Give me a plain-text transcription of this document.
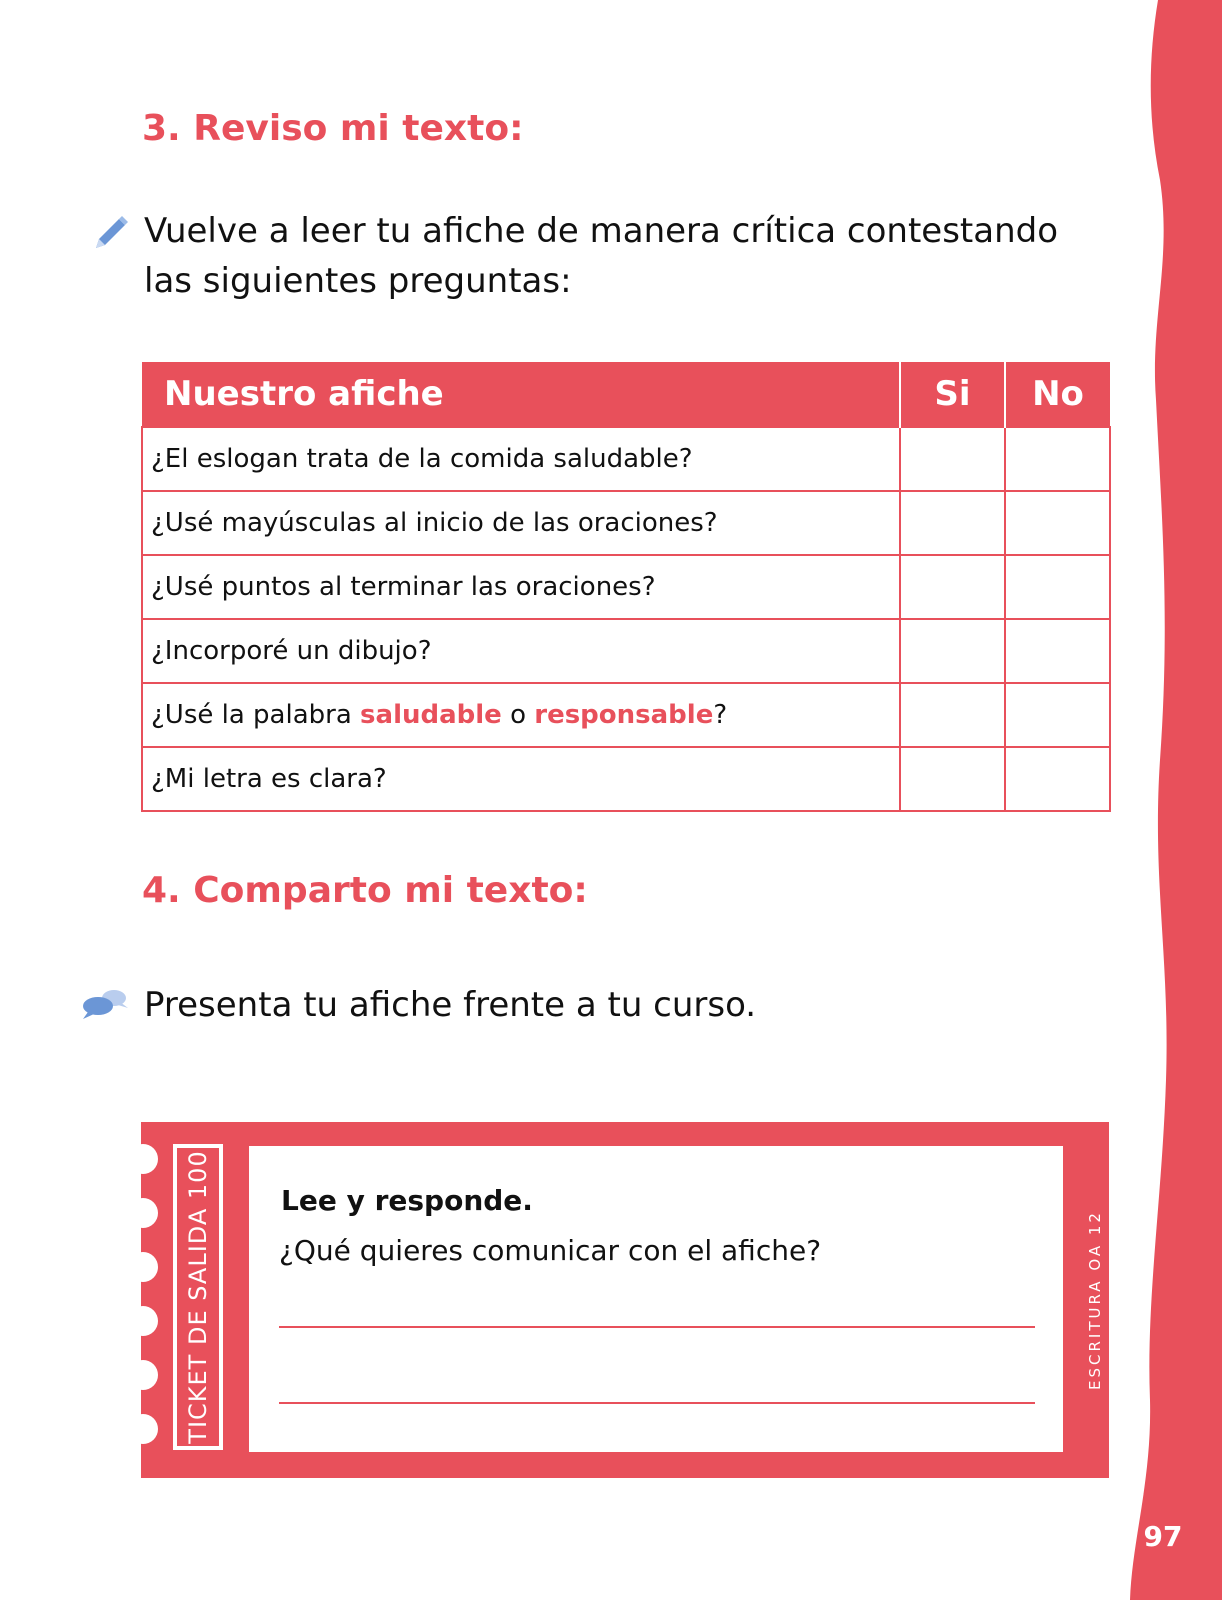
97
3. Reviso mi texto:

Vuelve a leer tu afiche de manera crítica contestando las siguientes preguntas:

Nuestro afiche	Si	No
¿El eslogan trata de la comida saludable?		
¿Usé mayúsculas al inicio de las oraciones?		
¿Usé puntos al terminar las oraciones?		
¿Incorporé un dibujo?		
¿Usé la palabra saludable o responsable?		
¿Mi letra es clara?		
4. Comparto mi texto:

Presenta tu afiche frente a tu curso.

TICKET DE SALIDA 100 Lee y responde.

¿Qué quieres comunicar con el afiche?	ESCRITURA OA 12
